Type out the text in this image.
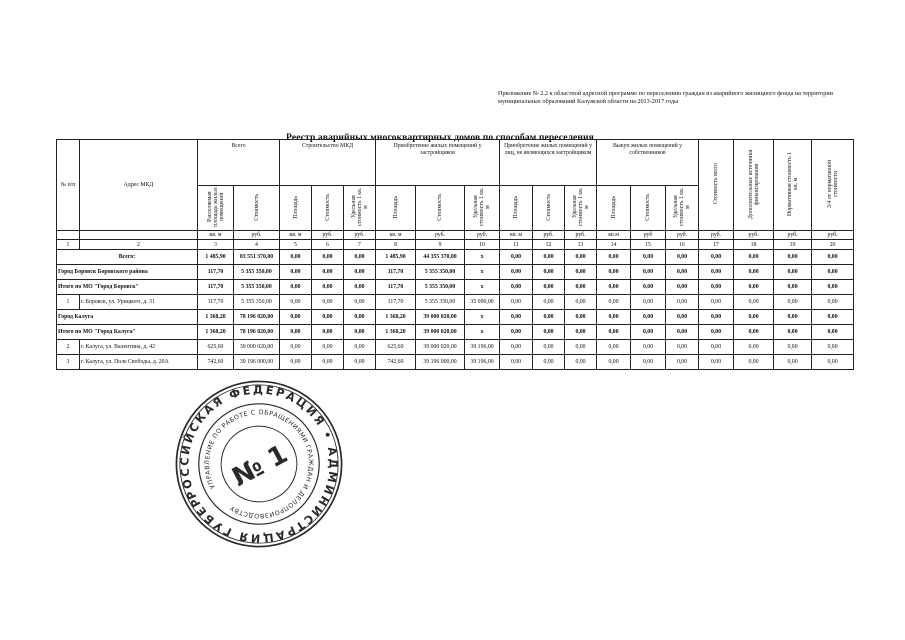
Приложение № 2.2 к областной адресной программе по переселению граждан из аварийного жилищного фонда на территории муниципальных образований Калужской области на 2013-2017 годы
Реестр аварийных многоквартирных домов по способам переселения
№ п/п	Адрес МКД	Всего		Строительство МКД			Приобретение жилых помещений у застройщиков			Приобретение жилых помещений у лиц, не являющихся застройщиком			Выкуп жилых помещений у собственников			Стоимость всего	Дополнительные источники финансирования	Нормативная стоимость 1 кв. м	3/4 от нормативной стоимости
		Расселяемая площадь жилых помещений	Стоимость	Площадь	Стоимость	Удельная стоимость 1 кв. м	Площадь	Стоимость	Удельная стоимость 1 кв. м	Площадь	Стоимость	Удельная стоимость 1 кв. м	Площадь	Стоимость	Удельная стоимость 1 кв. м				
		кв. м	руб.	кв. м	руб.	руб.	кв. м	руб.	руб.	кв. м	руб.	руб.	кв.м	руб	руб.	руб.	руб.	руб.	руб.
1	2	3	4	5	6	7	8	9	10	11	12	13	14	15	16	17	18	19	20
Всего:		1 485,90	83 551 370,00	0,00	0,00	0,00	1 485,90	44 355 370,00	x	0,00	0,00	0,00	0,00	0,00	0,00	0,00	0,00	0,00	0,00
Город Боровск Боровского района		117,70	5 355 350,00	0,00	0,00	0,00	117,70	5 355 350,00	x	0,00	0,00	0,00	0,00	0,00	0,00	0,00	0,00	0,00	0,00
Итого по МО "Город Боровск"		117,70	5 355 350,00	0,00	0,00	0,00	117,70	5 355 350,00	x	0,00	0,00	0,00	0,00	0,00	0,00	0,00	0,00	0,00	0,00
1	г. Боровск, ул. Урицкого, д. 31	117,70	5 355 350,00	0,00	0,00	0,00	117,70	5 355 350,00	35 000,00	0,00	0,00	0,00	0,00	0,00	0,00	0,00	0,00	0,00	0,00
Город Калуга		1 368,20	78 196 020,00	0,00	0,00	0,00	1 368,20	39 000 020,00	x	0,00	0,00	0,00	0,00	0,00	0,00	0,00	0,00	0,00	0,00
Итого по МО "Город Калуга"		1 368,20	78 196 020,00	0,00	0,00	0,00	1 368,20	39 000 020,00	x	0,00	0,00	0,00	0,00	0,00	0,00	0,00	0,00	0,00	0,00
2	г. Калуга, ул. Валентина, д. 42	625,60	39 000 020,00	0,00	0,00	0,00	625,60	39 000 020,00	39 196,00	0,00	0,00	0,00	0,00	0,00	0,00	0,00	0,00	0,00	0,00
3	г. Калуга, ул. Поле Свободы, д. 20А	742,60	39 196 000,00	0,00	0,00	0,00	742,60	39 196 000,00	39 196,00	0,00	0,00	0,00	0,00	0,00	0,00	0,00	0,00	0,00	0,00
РОССИЙСКАЯ ФЕДЕРАЦИЯ • АДМИНИСТРАЦИЯ ГУБЕРНАТОРА
УПРАВЛЕНИЕ ПО РАБОТЕ С ОБРАЩЕНИЯМИ ГРАЖДАН И ДЕЛОПРОИЗВОДСТВУ
№ 1
